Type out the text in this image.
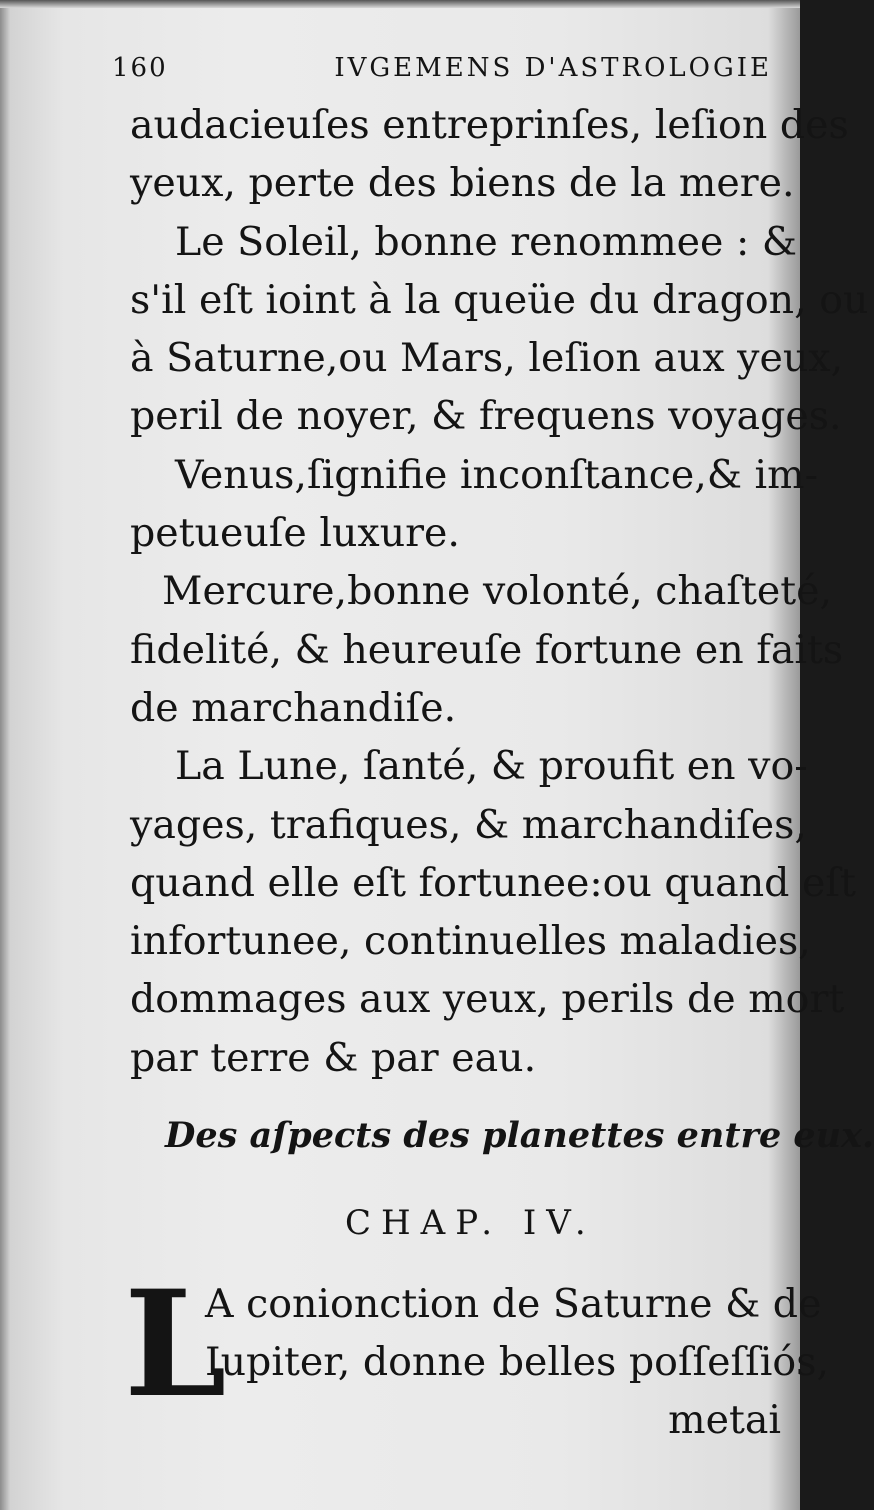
160	IVGEMENS D'ASTROLOGIE
audacieuſes entreprinſes, leſion des
yeux, perte des biens de la mere.
Le Soleil, bonne renommee : &
s'il eſt ioint à la queüe du dragon, ou
à Saturne,ou Mars, leſion aux yeux,
peril de noyer, & frequens voyages.
Venus,ſignifie inconſtance,& im-
petueuſe luxure.
Mercure,bonne volonté, chaſteté,
fidelité, & heureuſe fortune en faits
de marchandiſe.
La Lune, ſanté, & proufit en vo-
yages, trafiques, & marchandiſes,
quand elle eſt fortunee:ou quand eſt
infortunee, continuelles maladies,
dommages aux yeux, perils de mort
par terre & par eau.
Des aſpects des planettes entre eux.
CHAP. IV.
L
A conionction de Saturne & de
Iupiter, donne belles poſſeſſiós,
metai
